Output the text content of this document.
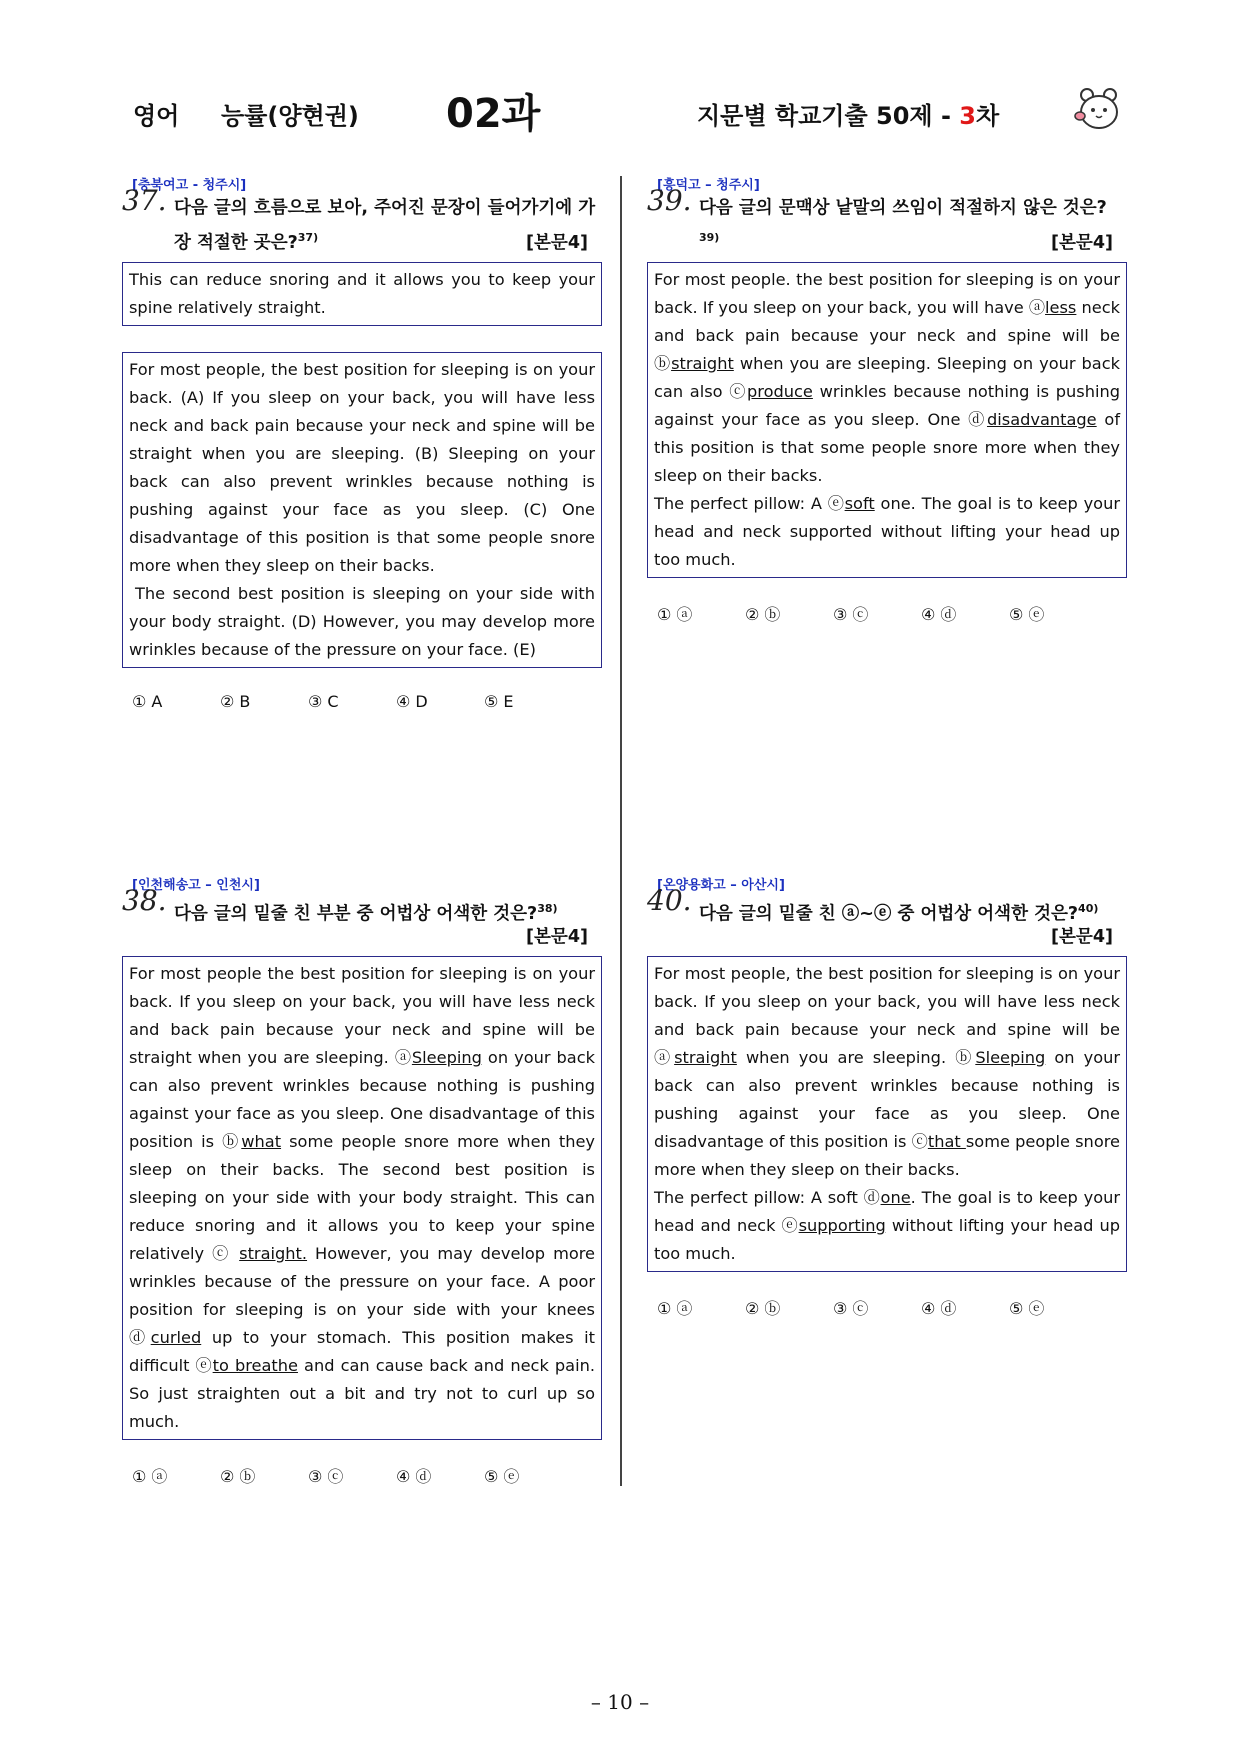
영어 능률(양현권) 02과	지문별 학교기출 50제 - 3차
[충북여고 - 청주시]
37. 다음 글의 흐름으로 보아, 주어진 문장이 들어가기에 가장 적절한 곳은?$^{37)}$	[본문4]

This can reduce snoring and it allows you to keep your spine relatively straight.

For most people, the best position for sleeping is on your back. (A) If you sleep on your back, you will have less neck and back pain because your neck and spine will be straight when you are sleeping. (B) Sleeping on your back can also prevent wrinkles because nothing is pushing against your face as you sleep. (C) One disadvantage of this position is that some people snore more when they sleep on their backs.

The second best position is sleeping on your side with your body straight. (D) However, you may develop more wrinkles because of the pressure on your face. (E)

① A	② B	③ C	④ D	⑤ E
[흥덕고 – 청주시]
39. 다음 글의 문맥상 낱말의 쓰임이 적절하지 않은 것은?$^{39)}$	[본문4]

For most people. the best position for sleeping is on your back. If you sleep on your back, you will have ⓐless neck and back pain because your neck and spine will be ⓑstraight when you are sleeping. Sleeping on your back can also ⓒproduce wrinkles because nothing is pushing against your face as you sleep. One ⓓdisadvantage of this position is that some people snore more when they sleep on their backs.

The perfect pillow: A ⓔsoft one. The goal is to keep your head and neck supported without lifting your head up too much.

① ⓐ	② ⓑ	③ ⓒ	④ ⓓ	⑤ ⓔ
[인천해송고 – 인천시]
38. 다음 글의 밑줄 친 부분 중 어법상 어색한 것은?$^{38)}$
[본문4]

For most people the best position for sleeping is on your back. If you sleep on your back, you will have less neck and back pain because your neck and spine will be straight when you are sleeping. ⓐSleeping on your back can also prevent wrinkles because nothing is pushing against your face as you sleep. One disadvantage of this position is ⓑwhat some people snore more when they sleep on their backs. The second best position is sleeping on your side with your body straight. This can reduce snoring and it allows you to keep your spine relatively ⓒ straight. However, you may develop more wrinkles because of the pressure on your face. A poor position for sleeping is on your side with your knees ⓓcurled up to your stomach. This position makes it difficult ⓔto breathe and can cause back and neck pain. So just straighten out a bit and try not to curl up so much.

① ⓐ	② ⓑ	③ ⓒ	④ ⓓ	⑤ ⓔ
[온양용화고 – 아산시]
40. 다음 글의 밑줄 친 ⓐ~ⓔ 중 어법상 어색한 것은?$^{40)}$
[본문4]

For most people, the best position for sleeping is on your back. If you sleep on your back, you will have less neck and back pain because your neck and spine will be ⓐstraight when you are sleeping. ⓑSleeping on your back can also prevent wrinkles because nothing is pushing against your face as you sleep. One disadvantage of this position is ⓒthat some people snore more when they sleep on their backs.

The perfect pillow: A soft ⓓone. The goal is to keep your head and neck ⓔsupporting without lifting your head up too much.

① ⓐ	② ⓑ	③ ⓒ	④ ⓓ	⑤ ⓔ
– 10 –
